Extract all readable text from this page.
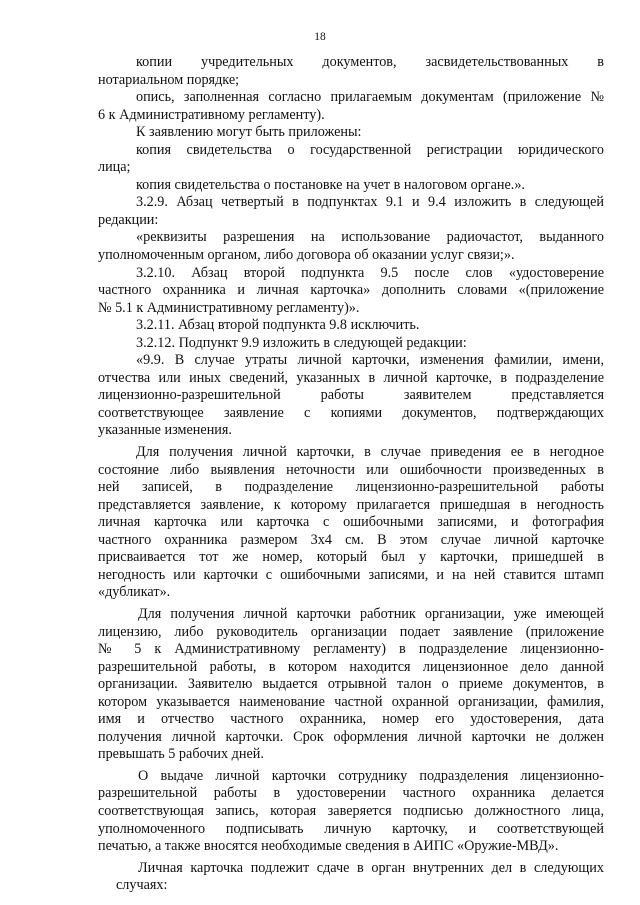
18
копии учредительных документов, засвидетельствованных в
нотариальном порядке;
опись, заполненная согласно прилагаемым документам (приложение №
6 к Административному регламенту).
К заявлению могут быть приложены:
копия свидетельства о государственной регистрации юридического
лица;
копия свидетельства о постановке на учет в налоговом органе.».
3.2.9. Абзац четвертый в подпунктах 9.1 и 9.4 изложить в следующей
редакции:
«реквизиты разрешения на использование радиочастот, выданного
уполномоченным органом, либо договора об оказании услуг связи;».
3.2.10. Абзац второй подпункта 9.5 после слов «удостоверение
частного охранника и личная карточка» дополнить словами «(приложение
№ 5.1 к Административному регламенту)».
3.2.11. Абзац второй подпункта 9.8 исключить.
3.2.12. Подпункт 9.9 изложить в следующей редакции:
«9.9. В случае утраты личной карточки, изменения фамилии, имени,
отчества или иных сведений, указанных в личной карточке, в подразделение
лицензионно-разрешительной работы заявителем представляется
соответствующее заявление с копиями документов, подтверждающих
указанные изменения.
Для получения личной карточки, в случае приведения ее в негодное
состояние либо выявления неточности или ошибочности произведенных в
ней записей, в подразделение лицензионно-разрешительной работы
представляется заявление, к которому прилагается пришедшая в негодность
личная карточка или карточка с ошибочными записями, и фотография
частного охранника размером 3x4 см. В этом случае личной карточке
присваивается тот же номер, который был у карточки, пришедшей в
негодность или карточки с ошибочными записями, и на ней ставится штамп
«дубликат».
Для получения личной карточки работник организации, уже имеющей
лицензию, либо руководитель организации подает заявление (приложение
№ 5 к Административному регламенту) в подразделение лицензионно-
разрешительной работы, в котором находится лицензионное дело данной
организации. Заявителю выдается отрывной талон о приеме документов, в
котором указывается наименование частной охранной организации, фамилия,
имя и отчество частного охранника, номер его удостоверения, дата
получения личной карточки. Срок оформления личной карточки не должен
превышать 5 рабочих дней.
О выдаче личной карточки сотруднику подразделения лицензионно-
разрешительной работы в удостоверении частного охранника делается
соответствующая запись, которая заверяется подписью должностного лица,
уполномоченного подписывать личную карточку, и соответствующей
печатью, а также вносятся необходимые сведения в АИПС «Оружие-МВД».
Личная карточка подлежит сдаче в орган внутренних дел в следующих
случаях:
